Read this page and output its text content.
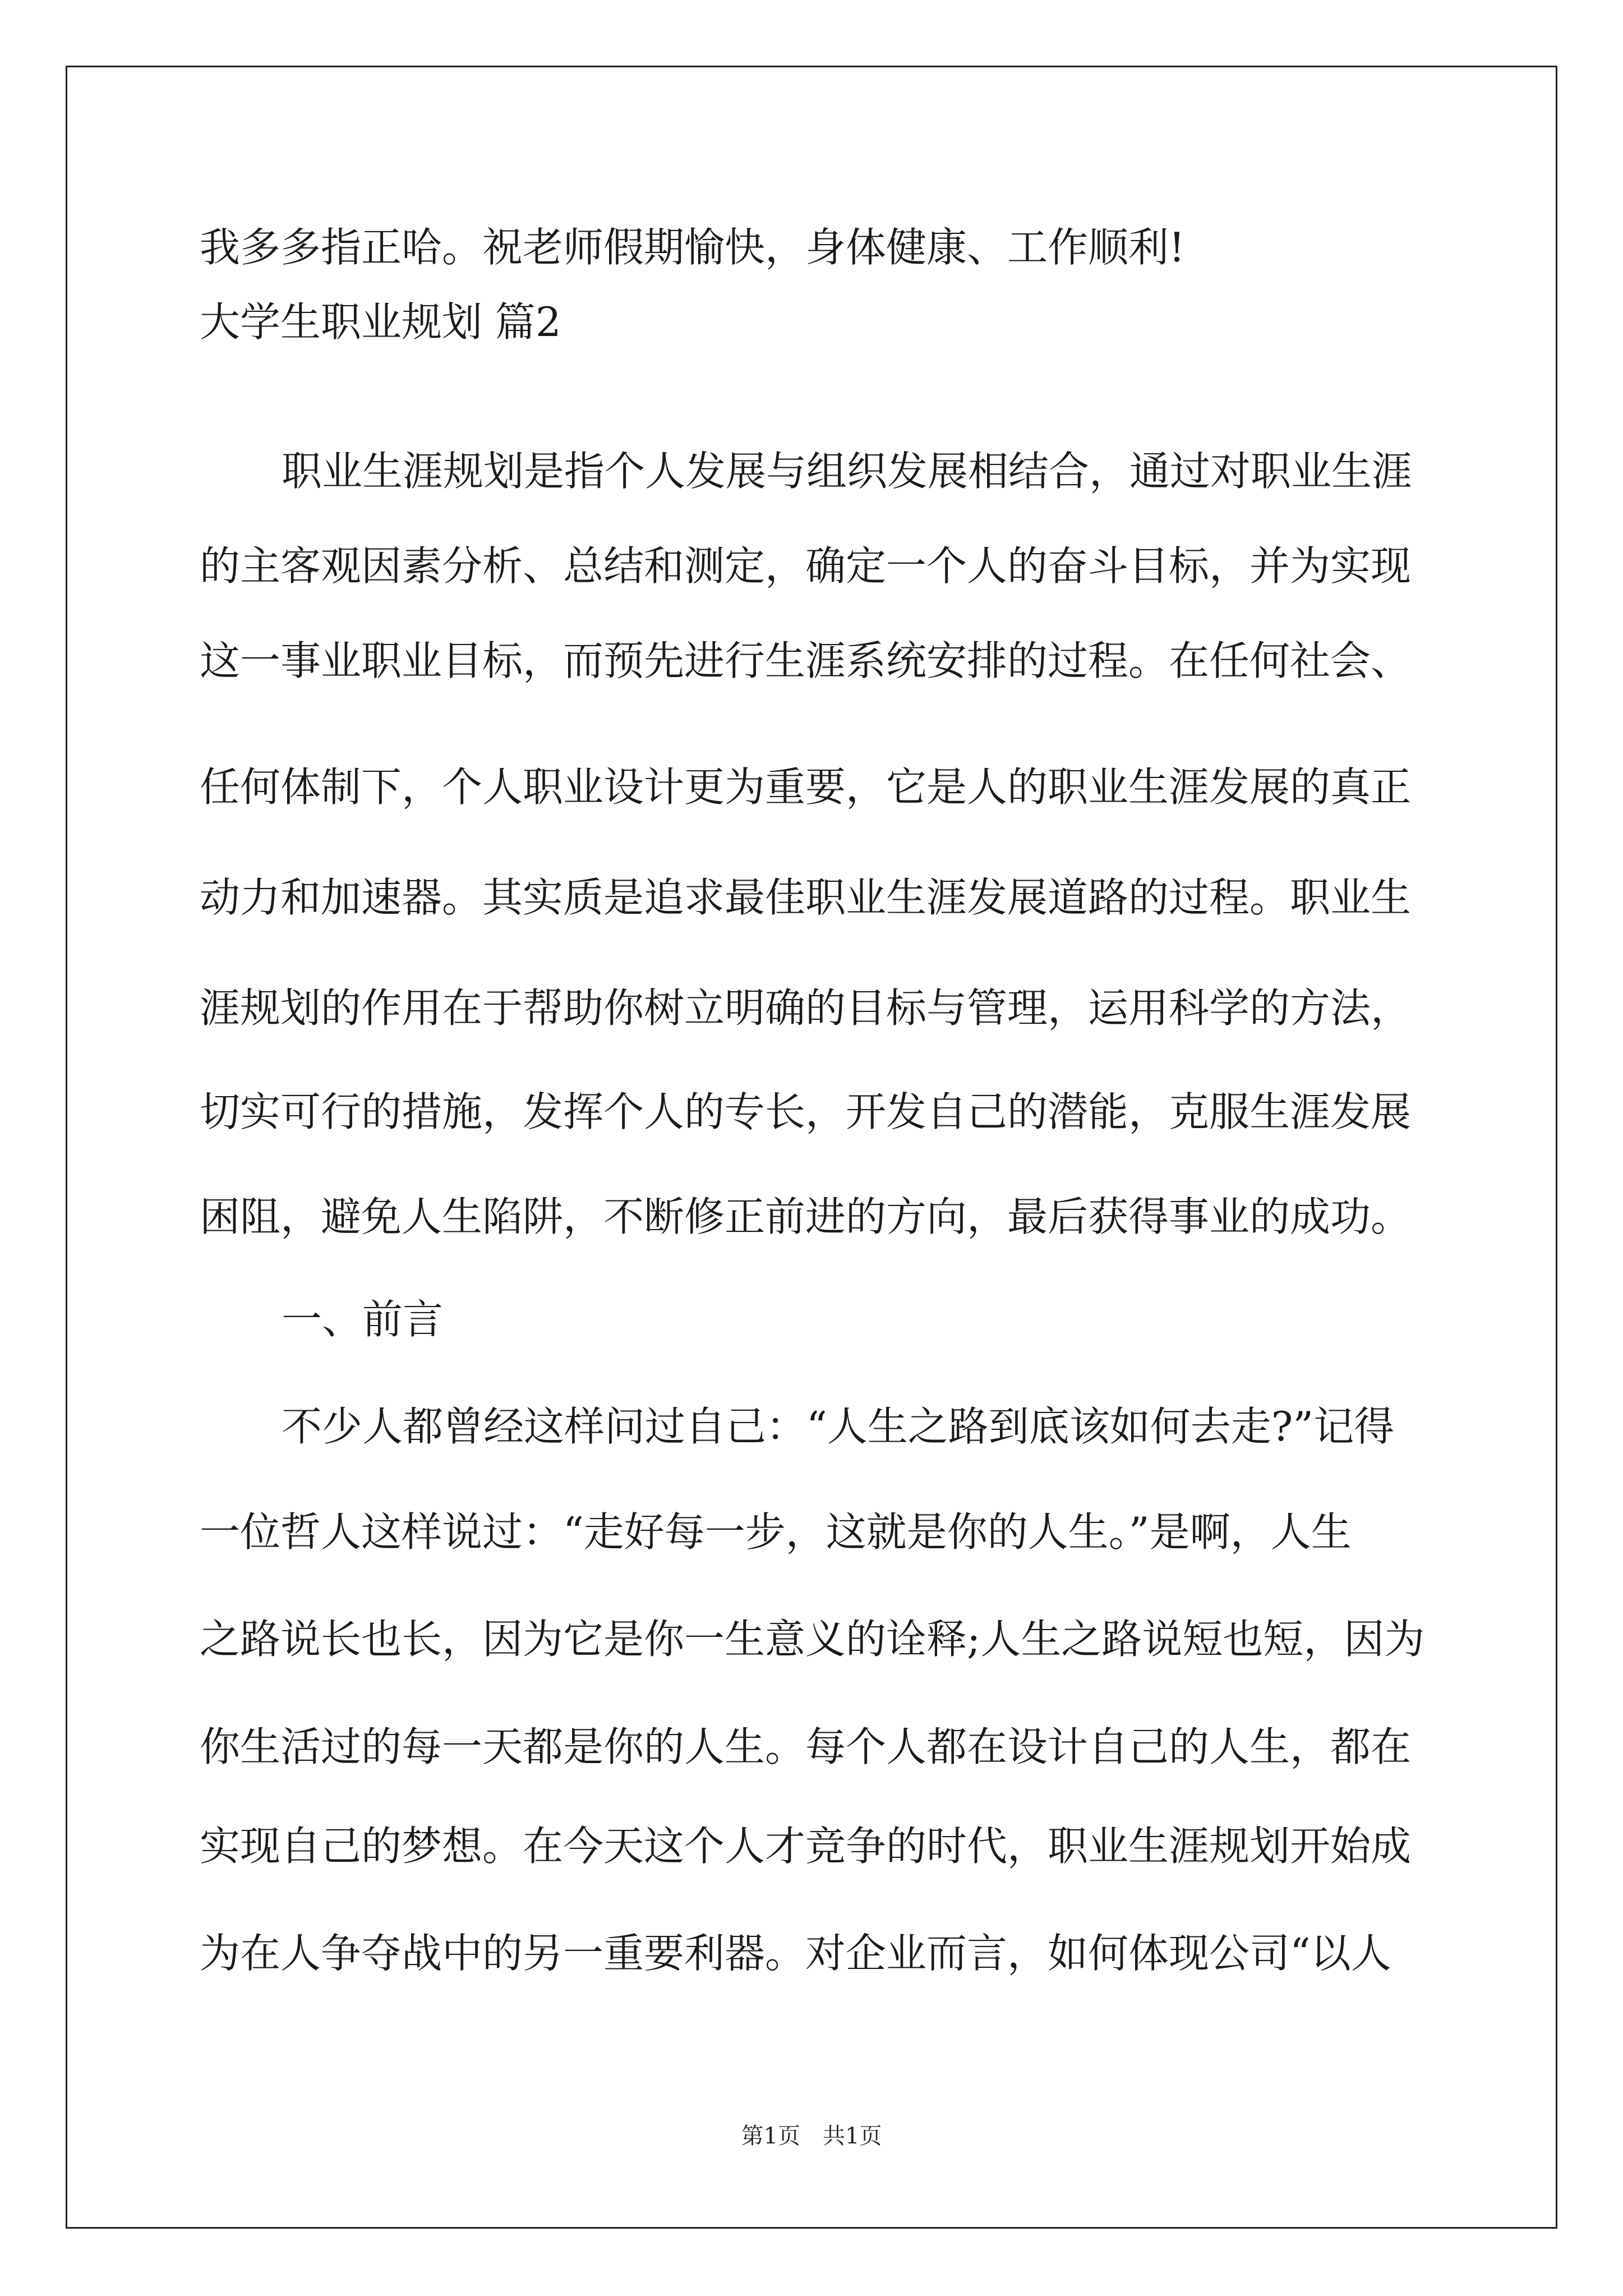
我多多指正哈。祝老师假期愉快，身体健康、工作顺利!
大学生职业规划 篇2
职业生涯规划是指个人发展与组织发展相结合，通过对职业生涯
的主客观因素分析、总结和测定，确定一个人的奋斗目标，并为实现
这一事业职业目标，而预先进行生涯系统安排的过程。在任何社会、
任何体制下，个人职业设计更为重要，它是人的职业生涯发展的真正
动力和加速器。其实质是追求最佳职业生涯发展道路的过程。职业生
涯规划的作用在于帮助你树立明确的目标与管理，运用科学的方法，
切实可行的措施，发挥个人的专长，开发自己的潜能，克服生涯发展
困阻，避免人生陷阱，不断修正前进的方向，最后获得事业的成功。
一、前言
不少人都曾经这样问过自己：“人生之路到底该如何去走?”记得
一位哲人这样说过：“走好每一步，这就是你的人生。”是啊，人生
之路说长也长，因为它是你一生意义的诠释;人生之路说短也短，因为
你生活过的每一天都是你的人生。每个人都在设计自己的人生，都在
实现自己的梦想。在今天这个人才竞争的时代，职业生涯规划开始成
为在人争夺战中的另一重要利器。对企业而言，如何体现公司“以人
第1页　共1页
